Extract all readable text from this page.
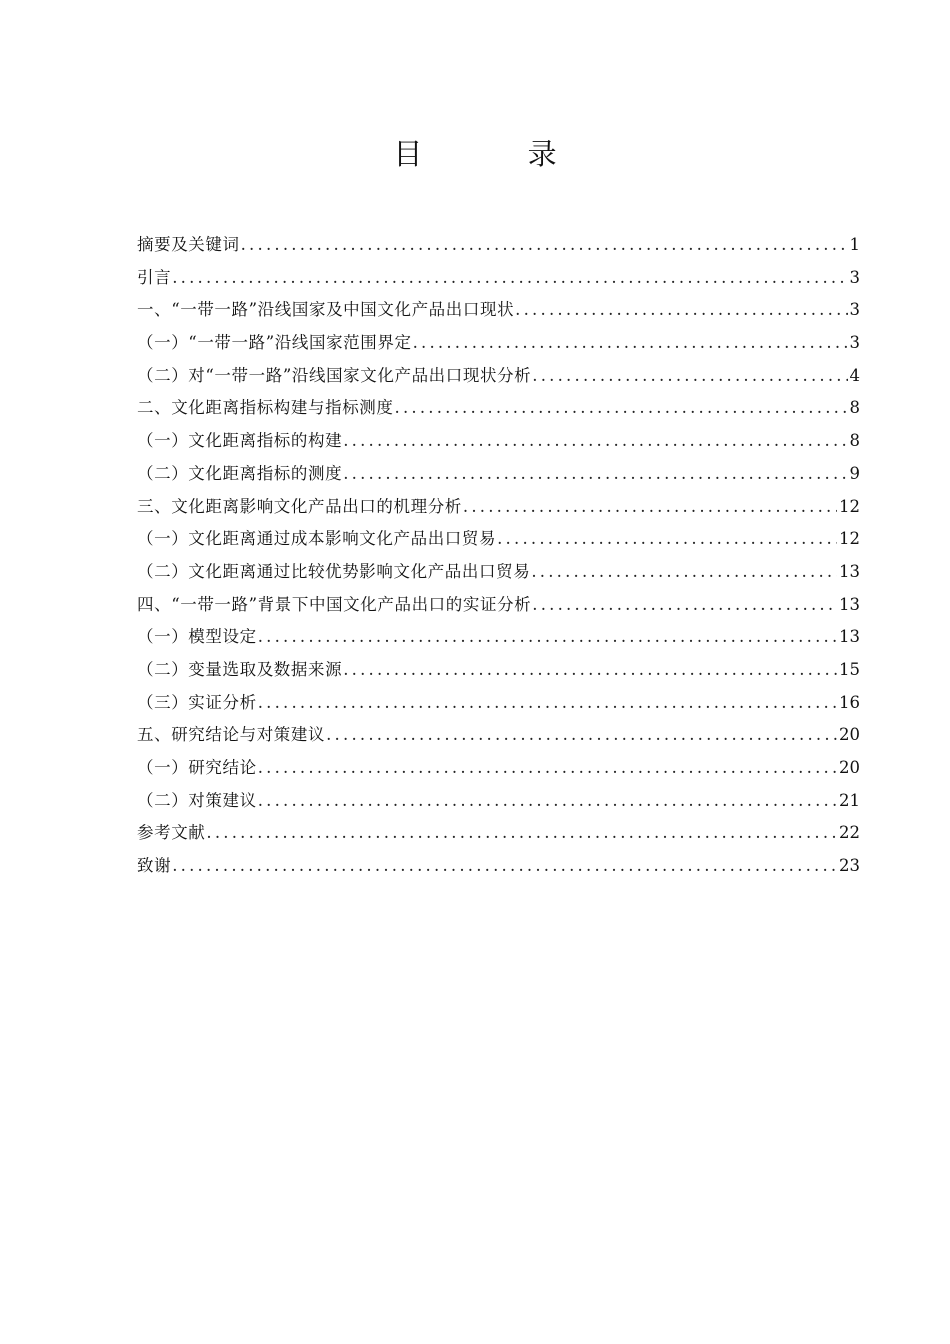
目 录
摘要及关键词 .....	1
引言 .....	3
一、“一带一路”沿线国家及中国文化产品出口现状 .....	3
（一）“一带一路”沿线国家范围界定 .....	3
（二）对“一带一路”沿线国家文化产品出口现状分析 .....	4
二、文化距离指标构建与指标测度 .....	8
（一）文化距离指标的构建 .....	8
（二）文化距离指标的测度 .....	9
三、文化距离影响文化产品出口的机理分析 .....	12
（一）文化距离通过成本影响文化产品出口贸易 .....	12
（二）文化距离通过比较优势影响文化产品出口贸易 .....	13
四、“一带一路”背景下中国文化产品出口的实证分析 .....	13
（一）模型设定 .....	13
（二）变量选取及数据来源 .....	15
（三）实证分析 .....	16
五、研究结论与对策建议 .....	20
（一）研究结论 .....	20
（二）对策建议 .....	21
参考文献 .....	22
致谢 .....	23
